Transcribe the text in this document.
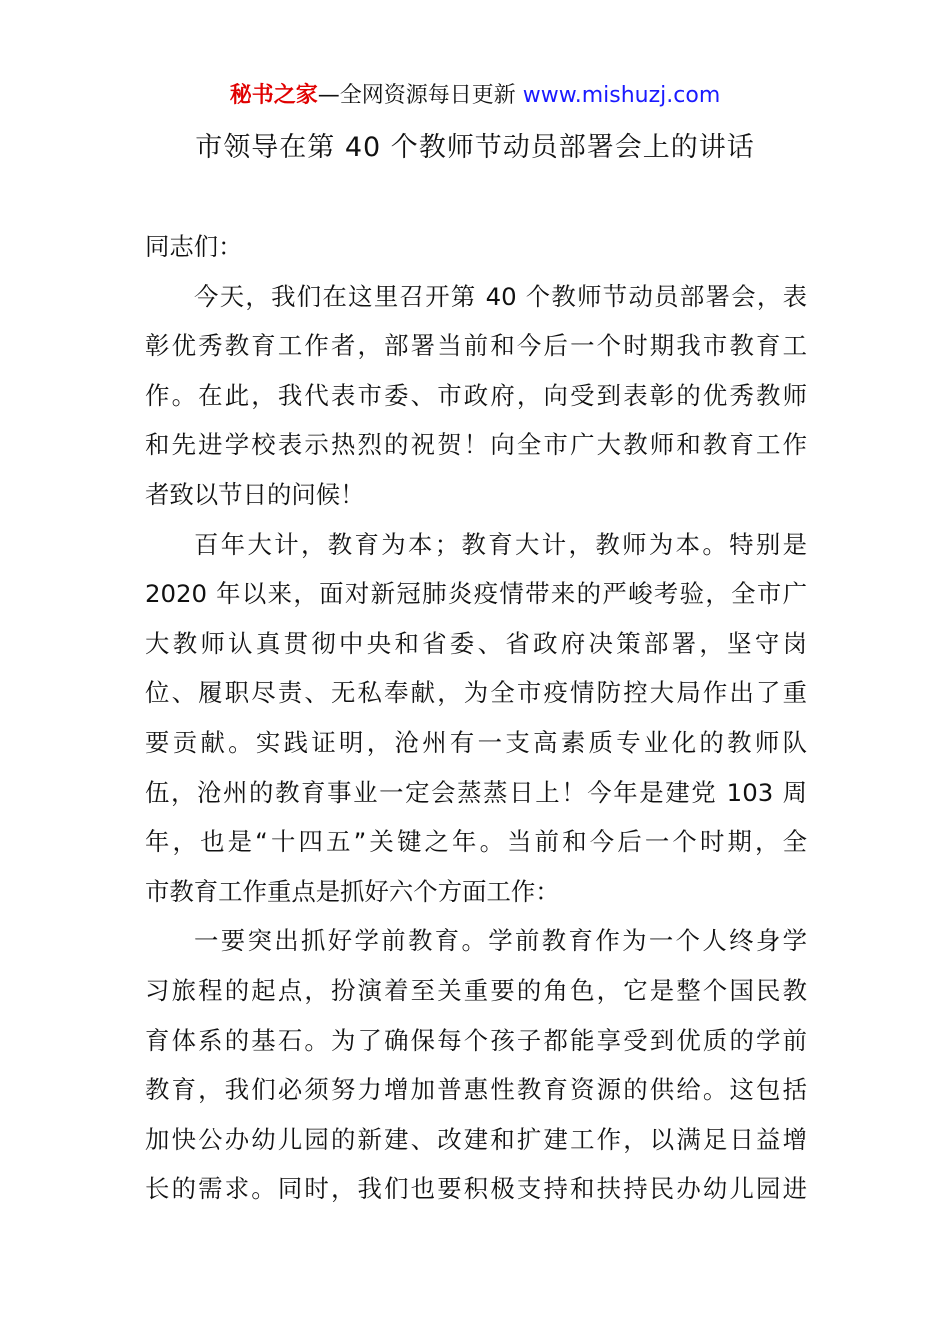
秘书之家—全网资源每日更新 www.mishuzj.com
市领导在第 40 个教师节动员部署会上的讲话
同志们：
今天，我们在这里召开第 40 个教师节动员部署会，表
彰优秀教育工作者，部署当前和今后一个时期我市教育工
作。在此，我代表市委、市政府，向受到表彰的优秀教师
和先进学校表示热烈的祝贺！向全市广大教师和教育工作
者致以节日的问候！
百年大计，教育为本；教育大计，教师为本。特别是
2020 年以来，面对新冠肺炎疫情带来的严峻考验，全市广
大教师认真贯彻中央和省委、省政府决策部署，坚守岗
位、履职尽责、无私奉献，为全市疫情防控大局作出了重
要贡献。实践证明，沧州有一支高素质专业化的教师队
伍，沧州的教育事业一定会蒸蒸日上！今年是建党 103 周
年，也是“十四五”关键之年。当前和今后一个时期，全
市教育工作重点是抓好六个方面工作：
一要突出抓好学前教育。学前教育作为一个人终身学
习旅程的起点，扮演着至关重要的角色，它是整个国民教
育体系的基石。为了确保每个孩子都能享受到优质的学前
教育，我们必须努力增加普惠性教育资源的供给。这包括
加快公办幼儿园的新建、改建和扩建工作，以满足日益增
长的需求。同时，我们也要积极支持和扶持民办幼儿园进
